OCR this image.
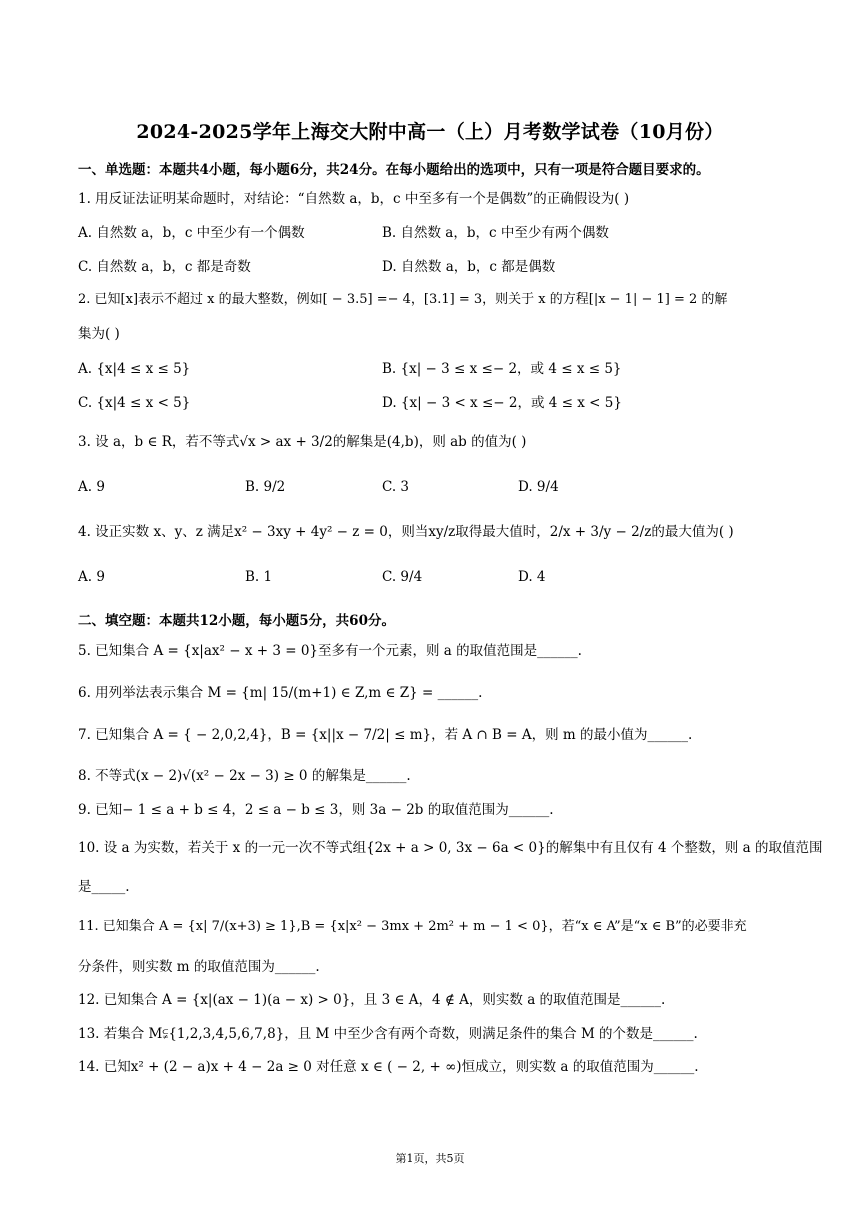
2024-2025学年上海交大附中高一（上）月考数学试卷（10月份）
一、单选题：本题共4小题，每小题6分，共24分。在每小题给出的选项中，只有一项是符合题目要求的。
1. 用反证法证明某命题时，对结论：“自然数 a，b，c 中至多有一个是偶数”的正确假设为( )
A. 自然数 a，b，c 中至少有一个偶数	B. 自然数 a，b，c 中至少有两个偶数
C. 自然数 a，b，c 都是奇数	D. 自然数 a，b，c 都是偶数
2. 已知[x]表示不超过 x 的最大整数，例如[ − 3.5] =− 4，[3.1] = 3，则关于 x 的方程[|x − 1| − 1] = 2 的解
集为( )
A. {x|4 ≤ x ≤ 5}	B. {x| − 3 ≤ x ≤− 2，或 4 ≤ x ≤ 5}
C. {x|4 ≤ x < 5}	D. {x| − 3 < x ≤− 2，或 4 ≤ x < 5}
3. 设 a，b ∈ R，若不等式√x > ax + 3/2的解集是(4,b)，则 ab 的值为( )
A. 9	B. 9/2	C. 3	D. 9/4
4. 设正实数 x、y、z 满足x² − 3xy + 4y² − z = 0，则当xy/z取得最大值时，2/x + 3/y − 2/z的最大值为( )
A. 9	B. 1	C. 9/4	D. 4
二、填空题：本题共12小题，每小题5分，共60分。
5. 已知集合 A = {x|ax² − x + 3 = 0}至多有一个元素，则 a 的取值范围是______.
6. 用列举法表示集合 M = {m| 15/(m+1) ∈ Z,m ∈ Z} = ______.
7. 已知集合 A = { − 2,0,2,4}，B = {x||x − 7/2| ≤ m}，若 A ∩ B = A，则 m 的最小值为______.
8. 不等式(x − 2)√(x² − 2x − 3) ≥ 0 的解集是______.
9. 已知− 1 ≤ a + b ≤ 4，2 ≤ a − b ≤ 3，则 3a − 2b 的取值范围为______.
10. 设 a 为实数，若关于 x 的一元一次不等式组{2x + a > 0, 3x − 6a < 0}的解集中有且仅有 4 个整数，则 a 的取值范围
是_____.
11. 已知集合 A = {x| 7/(x+3) ≥ 1},B = {x|x² − 3mx + 2m² + m − 1 < 0}，若“x ∈ A”是“x ∈ B”的必要非充
分条件，则实数 m 的取值范围为______.
12. 已知集合 A = {x|(ax − 1)(a − x) > 0}，且 3 ∈ A，4 ∉ A，则实数 a 的取值范围是______.
13. 若集合 M⫋{1,2,3,4,5,6,7,8}，且 M 中至少含有两个奇数，则满足条件的集合 M 的个数是______.
14. 已知x² + (2 − a)x + 4 − 2a ≥ 0 对任意 x ∈ ( − 2, + ∞)恒成立，则实数 a 的取值范围为______.
第1页，共5页
